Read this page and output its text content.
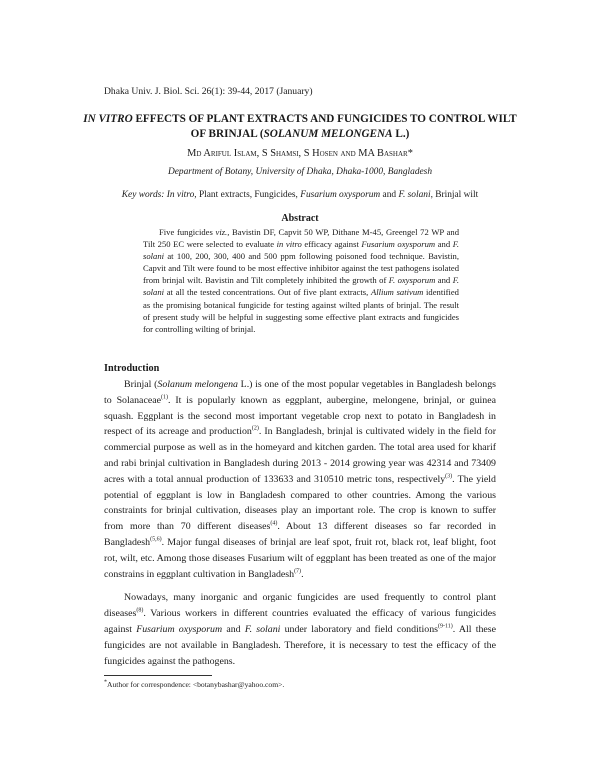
Dhaka Univ. J. Biol. Sci. 26(1): 39-44, 2017 (January)
IN VITRO EFFECTS OF PLANT EXTRACTS AND FUNGICIDES TO CONTROL WILT OF BRINJAL (SOLANUM MELONGENA L.)
Md Ariful Islam, S Shamsi, S Hosen and MA Bashar*
Department of Botany, University of Dhaka, Dhaka-1000, Bangladesh
Key words: In vitro, Plant extracts, Fungicides, Fusarium oxysporum and F. solani, Brinjal wilt
Abstract

Five fungicides viz., Bavistin DF, Capvit 50 WP, Dithane M-45, Greengel 72 WP and Tilt 250 EC were selected to evaluate in vitro efficacy against Fusarium oxysporum and F. solani at 100, 200, 300, 400 and 500 ppm following poisoned food technique. Bavistin, Capvit and Tilt were found to be most effective inhibitor against the test pathogens isolated from brinjal wilt. Bavistin and Tilt completely inhibited the growth of F. oxysporum and F. solani at all the tested concentrations. Out of five plant extracts, Allium sativum identified as the promising botanical fungicide for testing against wilted plants of brinjal. The result of present study will be helpful in suggesting some effective plant extracts and fungicides for controlling wilting of brinjal.

Introduction

Brinjal (Solanum melongena L.) is one of the most popular vegetables in Bangladesh belongs to Solanaceae$^{(1)}$. It is popularly known as eggplant, aubergine, melongene, brinjal, or guinea squash. Eggplant is the second most important vegetable crop next to potato in Bangladesh in respect of its acreage and production$^{(2)}$. In Bangladesh, brinjal is cultivated widely in the field for commercial purpose as well as in the homeyard and kitchen garden. The total area used for kharif and rabi brinjal cultivation in Bangladesh during 2013 - 2014 growing year was 42314 and 73409 acres with a total annual production of 133633 and 310510 metric tons, respectively$^{(3)}$. The yield potential of eggplant is low in Bangladesh compared to other countries. Among the various constraints for brinjal cultivation, diseases play an important role. The crop is known to suffer from more than 70 different diseases$^{(4)}$. About 13 different diseases so far recorded in Bangladesh$^{(5,6)}$. Major fungal diseases of brinjal are leaf spot, fruit rot, black rot, leaf blight, foot rot, wilt, etc. Among those diseases Fusarium wilt of eggplant has been treated as one of the major constrains in eggplant cultivation in Bangladesh$^{(7)}$.

Nowadays, many inorganic and organic fungicides are used frequently to control plant diseases$^{(8)}$. Various workers in different countries evaluated the efficacy of various fungicides against Fusarium oxysporum and F. solani under laboratory and field conditions$^{(9-11)}$. All these fungicides are not available in Bangladesh. Therefore, it is necessary to test the efficacy of the fungicides against the pathogens.

*Author for correspondence: <botanybashar@yahoo.com>.
